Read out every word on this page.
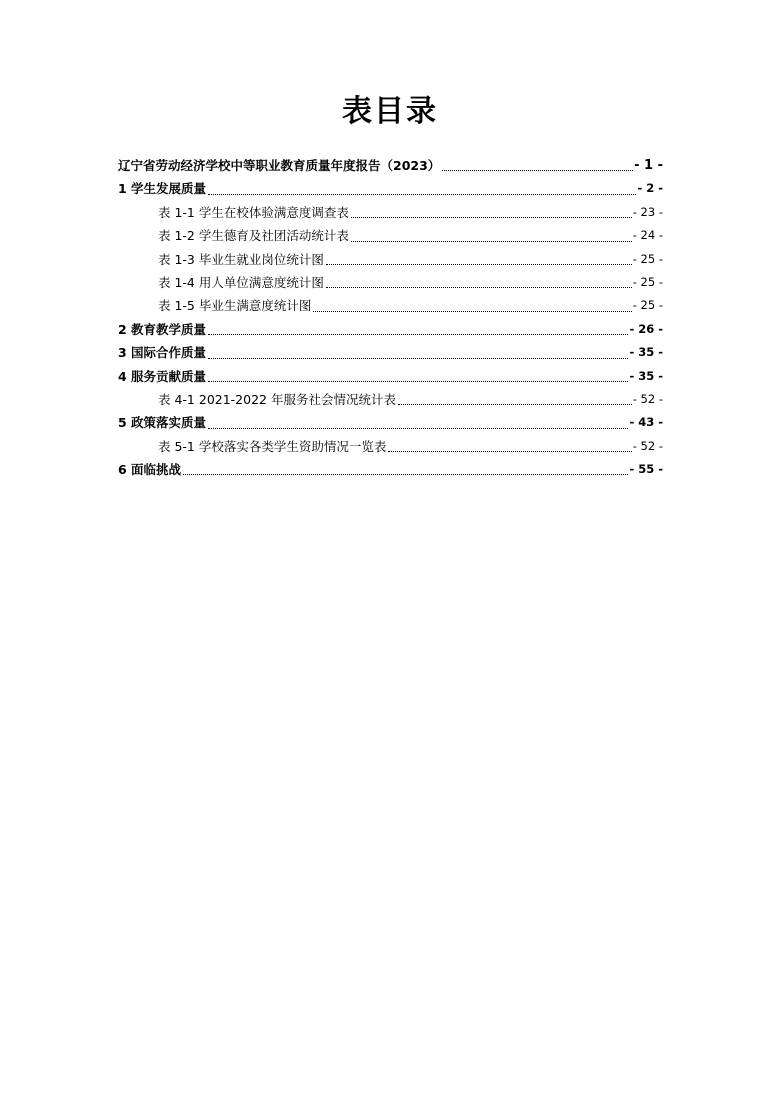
表目录
辽宁省劳动经济学校中等职业教育质量年度报告（2023）	- 1 -
1 学生发展质量	- 2 -
表 1-1 学生在校体验满意度调查表	- 23 -
表 1-2 学生德育及社团活动统计表	- 24 -
表 1-3 毕业生就业岗位统计图	- 25 -
表 1-4 用人单位满意度统计图	- 25 -
表 1-5 毕业生满意度统计图	- 25 -
2 教育教学质量	- 26 -
3 国际合作质量	- 35 -
4 服务贡献质量	- 35 -
表 4-1 2021-2022 年服务社会情况统计表	- 52 -
5 政策落实质量	- 43 -
表 5-1 学校落实各类学生资助情况一览表	- 52 -
6 面临挑战	- 55 -
